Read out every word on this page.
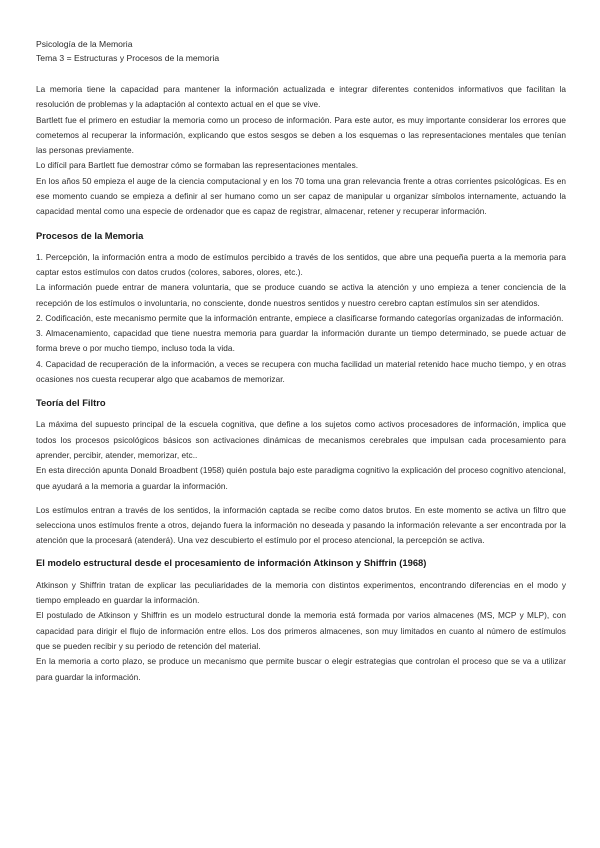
Psicología de la Memoria
Tema 3 = Estructuras y Procesos de la memoria

La memoria tiene la capacidad para mantener la información actualizada e integrar diferentes contenidos informativos que facilitan la resolución de problemas y la adaptación al contexto actual en el que se vive.

Bartlett fue el primero en estudiar la memoria como un proceso de información. Para este autor, es muy importante considerar los errores que cometemos al recuperar la información, explicando que estos sesgos se deben a los esquemas o las representaciones mentales que tenían las personas previamente.

Lo difícil para Bartlett fue demostrar cómo se formaban las representaciones mentales.

En los años 50 empieza el auge de la ciencia computacional y en los 70 toma una gran relevancia frente a otras corrientes psicológicas. Es en ese momento cuando se empieza a definir al ser humano como un ser capaz de manipular u organizar símbolos internamente, actuando la capacidad mental como una especie de ordenador que es capaz de registrar, almacenar, retener y recuperar información.

Procesos de la Memoria

1. Percepción, la información entra a modo de estímulos percibido a través de los sentidos, que abre una pequeña puerta a la memoria para captar estos estímulos con datos crudos (colores, sabores, olores, etc.).

La información puede entrar de manera voluntaria, que se produce cuando se activa la atención y uno empieza a tener conciencia de la recepción de los estímulos o involuntaria, no consciente, donde nuestros sentidos y nuestro cerebro captan estímulos sin ser atendidos.

2. Codificación, este mecanismo permite que la información entrante, empiece a clasificarse formando categorías organizadas de información.

3. Almacenamiento, capacidad que tiene nuestra memoria para guardar la información durante un tiempo determinado, se puede actuar de forma breve o por mucho tiempo, incluso toda la vida.

4. Capacidad de recuperación de la información, a veces se recupera con mucha facilidad un material retenido hace mucho tiempo, y en otras ocasiones nos cuesta recuperar algo que acabamos de memorizar.

Teoría del Filtro

La máxima del supuesto principal de la escuela cognitiva, que define a los sujetos como activos procesadores de información, implica que todos los procesos psicológicos básicos son activaciones dinámicas de mecanismos cerebrales que impulsan cada procesamiento para aprender, percibir, atender, memorizar, etc..

En esta dirección apunta Donald Broadbent (1958) quién postula bajo este paradigma cognitivo la explicación del proceso cognitivo atencional, que ayudará a la memoria a guardar la información.

Los estímulos entran a través de los sentidos, la información captada se recibe como datos brutos. En este momento se activa un filtro que selecciona unos estímulos frente a otros, dejando fuera la información no deseada y pasando la información relevante a ser encontrada por la atención que la procesará (atenderá). Una vez descubierto el estímulo por el proceso atencional, la percepción se activa.

El modelo estructural desde el procesamiento de información Atkinson y Shiffrin (1968)

Atkinson y Shiffrin tratan de explicar las peculiaridades de la memoria con distintos experimentos, encontrando diferencias en el modo y tiempo empleado en guardar la información.

El postulado de Atkinson y Shiffrin es un modelo estructural donde la memoria está formada por varios almacenes (MS, MCP y MLP), con capacidad para dirigir el flujo de información entre ellos. Los dos primeros almacenes, son muy limitados en cuanto al número de estímulos que se pueden recibir y su periodo de retención del material.

En la memoria a corto plazo, se produce un mecanismo que permite buscar o elegir estrategias que controlan el proceso que se va a utilizar para guardar la información.
